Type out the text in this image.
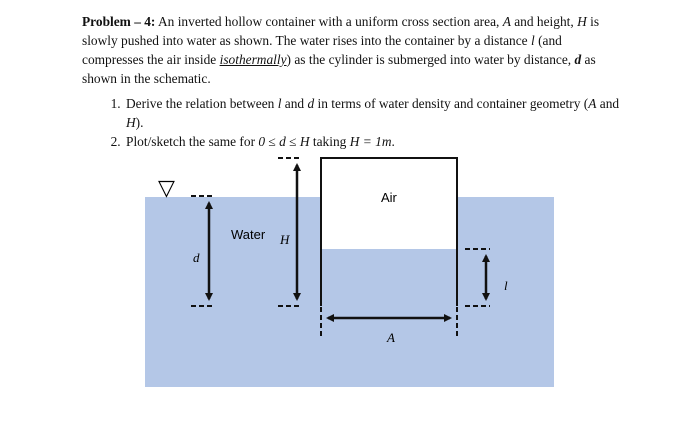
Problem – 4: An inverted hollow container with a uniform cross section area, A and height, H is slowly pushed into water as shown. The water rises into the container by a distance l (and compresses the air inside isothermally) as the cylinder is submerged into water by distance, d as shown in the schematic.

1. Derive the relation between l and d in terms of water density and container geometry (A and H).
2. Plot/sketch the same for 0 ≤ d ≤ H taking H = 1m.
▽
d
Water H
Air
l
A
